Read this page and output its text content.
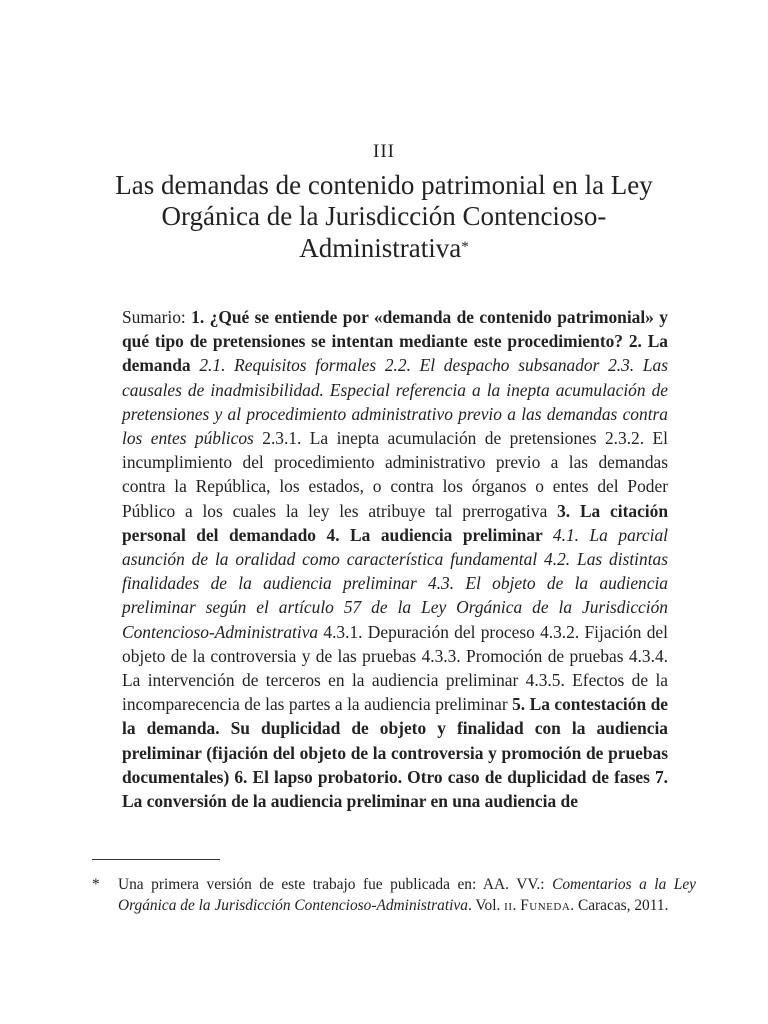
III
Las demandas de contenido patrimonial en la Ley Orgánica de la Jurisdicción Contencioso-Administrativa*
Sumario: 1. ¿Qué se entiende por «demanda de contenido patrimonial» y qué tipo de pretensiones se intentan mediante este procedimiento? 2. La demanda 2.1. Requisitos formales 2.2. El despacho subsanador 2.3. Las causales de inadmisibilidad. Especial referencia a la inepta acumulación de pretensiones y al procedimiento administrativo previo a las demandas contra los entes públicos 2.3.1. La inepta acumulación de pretensiones 2.3.2. El incumplimiento del procedimiento administrativo previo a las demandas contra la República, los estados, o contra los órganos o entes del Poder Público a los cuales la ley les atribuye tal prerrogativa 3. La citación personal del demandado 4. La audiencia preliminar 4.1. La parcial asunción de la oralidad como característica fundamental 4.2. Las distintas finalidades de la audiencia preliminar 4.3. El objeto de la audiencia preliminar según el artículo 57 de la Ley Orgánica de la Jurisdicción Contencioso-Administrativa 4.3.1. Depuración del proceso 4.3.2. Fijación del objeto de la controversia y de las pruebas 4.3.3. Promoción de pruebas 4.3.4. La intervención de terceros en la audiencia preliminar 4.3.5. Efectos de la incomparecencia de las partes a la audiencia preliminar 5. La contestación de la demanda. Su duplicidad de objeto y finalidad con la audiencia preliminar (fijación del objeto de la controversia y promoción de pruebas documentales) 6. El lapso probatorio. Otro caso de duplicidad de fases 7. La conversión de la audiencia preliminar en una audiencia de
*	Una primera versión de este trabajo fue publicada en: AA. VV.: Comentarios a la Ley Orgánica de la Jurisdicción Contencioso-Administrativa. Vol. ii. Funeda. Caracas, 2011.
